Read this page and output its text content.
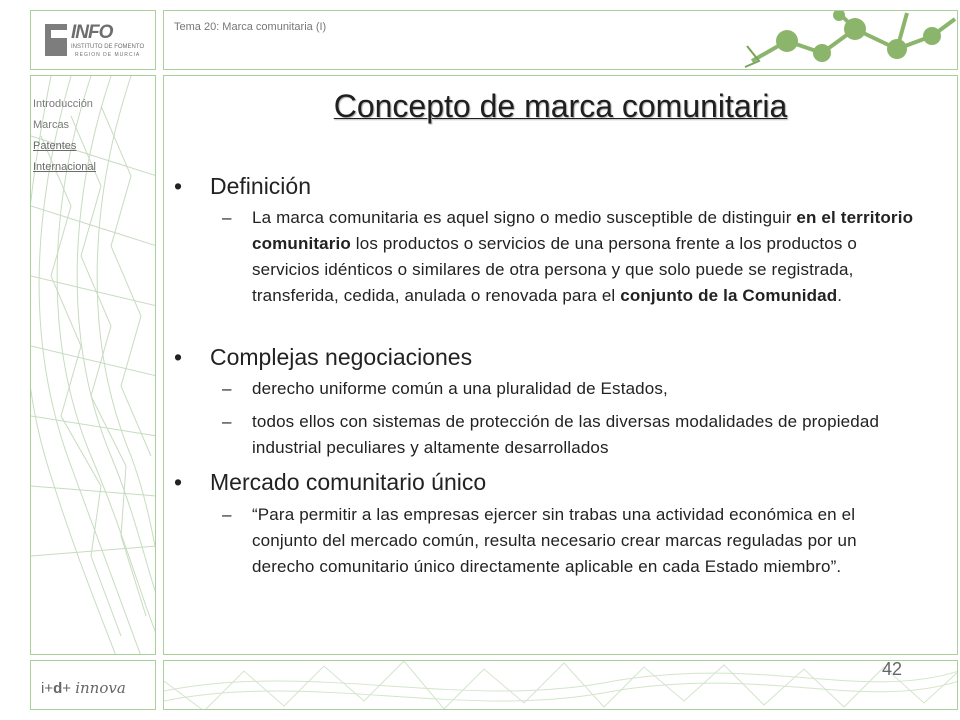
INFO
INSTITUTO DE FOMENTO
REGION DE MURCIA
Tema 20: Marca comunitaria (I)
Introducción
Marcas
Patentes
Internacional
Concepto de marca comunitaria
• Definición
– La marca comunitaria es aquel signo o medio susceptible de distinguir en el territorio comunitario los productos o servicios de una persona frente a los productos o servicios idénticos o similares de otra persona y que solo puede se registrada, transferida, cedida, anulada o renovada para el conjunto de la Comunidad.
• Complejas negociaciones
– derecho uniforme común a una pluralidad de Estados,
– todos ellos con sistemas de protección de las diversas modalidades de propiedad industrial peculiares y altamente desarrollados
• Mercado comunitario único
– “Para permitir a las empresas ejercer sin trabas una actividad económica en el conjunto del mercado común, resulta necesario crear marcas reguladas por un derecho comunitario único directamente aplicable en cada Estado miembro”.
i+d+ innova
42
